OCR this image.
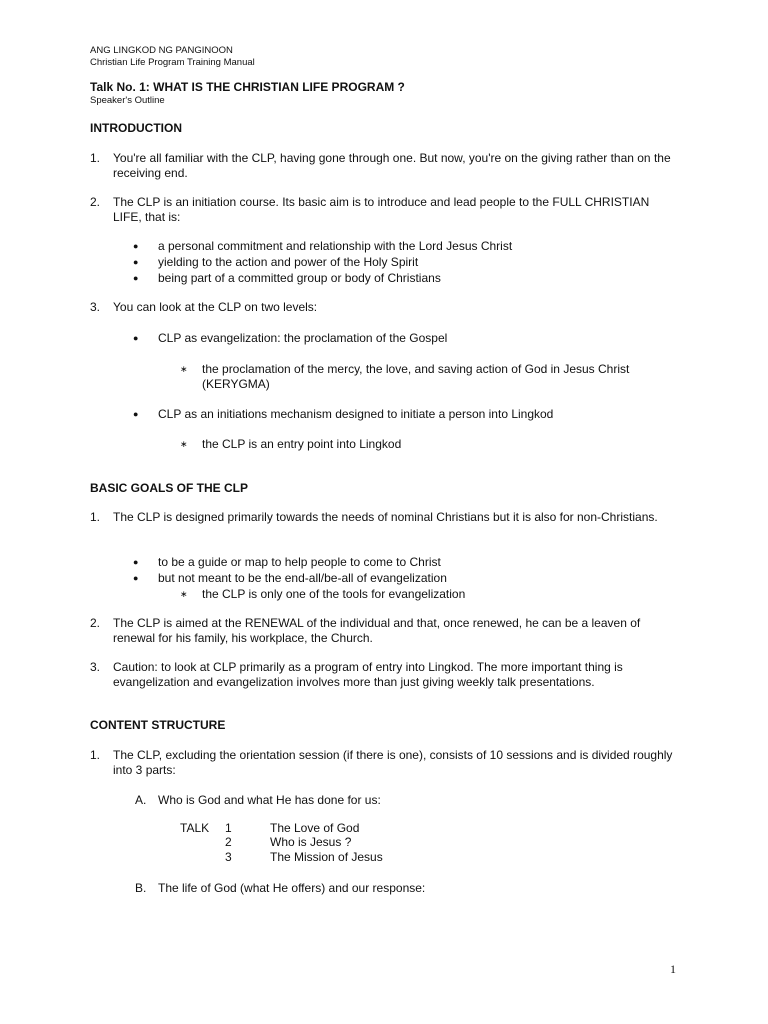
ANG LINGKOD NG PANGINOON
Christian Life Program Training Manual
Talk No. 1: WHAT IS THE CHRISTIAN LIFE PROGRAM ?
Speaker's Outline
INTRODUCTION
1.	You're all familiar with the CLP, having gone through one. But now, you're on the giving rather than on the receiving end.
2.	The CLP is an initiation course. Its basic aim is to introduce and lead people to the FULL CHRISTIAN LIFE, that is:
●	a personal commitment and relationship with the Lord Jesus Christ
●	yielding to the action and power of the Holy Spirit
●	being part of a committed group or body of Christians
3.	You can look at the CLP on two levels:
●	CLP as evangelization: the proclamation of the Gospel
∗	the proclamation of the mercy, the love, and saving action of God in Jesus Christ (KERYGMA)
●	CLP as an initiations mechanism designed to initiate a person into Lingkod
∗	the CLP is an entry point into Lingkod
BASIC GOALS OF THE CLP
1.	The CLP is designed primarily towards the needs of nominal Christians but it is also for non-Christians.
●	to be a guide or map to help people to come to Christ
●	but not meant to be the end-all/be-all of evangelization
∗	the CLP is only one of the tools for evangelization
2.	The CLP is aimed at the RENEWAL of the individual and that, once renewed, he can be a leaven of renewal for his family, his workplace, the Church.
3.	Caution: to look at CLP primarily as a program of entry into Lingkod. The more important thing is evangelization and evangelization involves more than just giving weekly talk presentations.
CONTENT STRUCTURE
1.	The CLP, excluding the orientation session (if there is one), consists of 10 sessions and is divided roughly into 3 parts:
A. Who is God and what He has done for us:
TALK 1	The Love of God
2	Who is Jesus ?
3	The Mission of Jesus
B. The life of God (what He offers) and our response:
1
